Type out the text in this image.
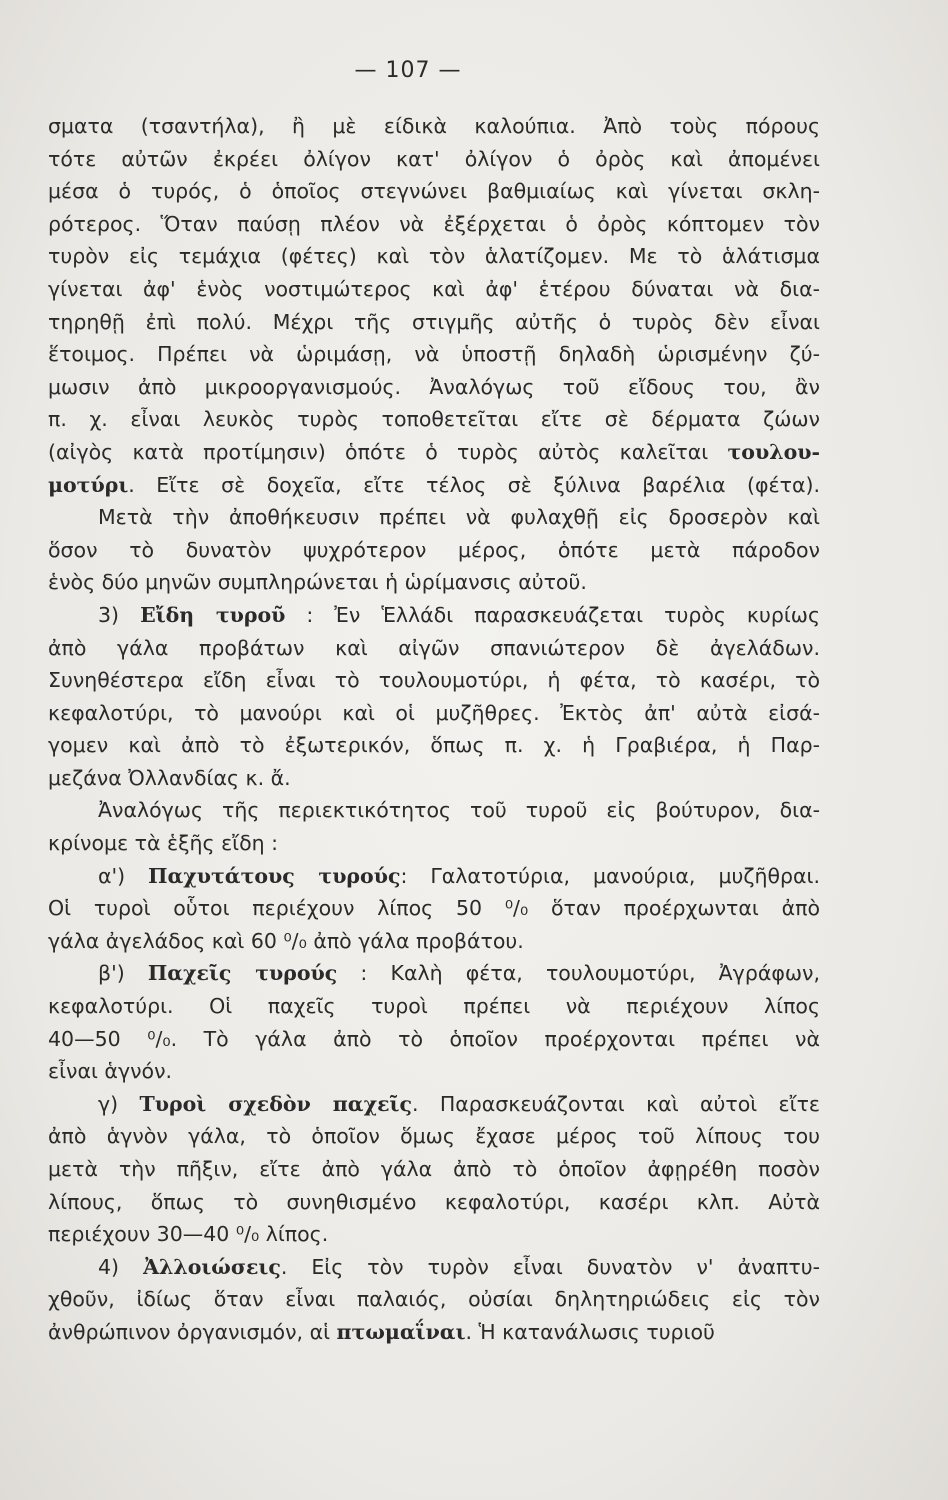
— 107 —
σματα (τσαντήλα), ἢ μὲ είδικὰ καλούπια. Ἀπὸ τοὺς πόρους
τότε αὐτῶν ἐκρέει ὀλίγον κατ' ὀλίγον ὁ ὀρὸς καὶ ἀπομένει
μέσα ὁ τυρός, ὁ ὁποῖος στεγνώνει βαθμιαίως καὶ γίνεται σκλη-
ρότερος. Ὅταν παύσῃ πλέον νὰ ἐξέρχεται ὁ ὀρὸς κόπτομεν τὸν
τυρὸν εἰς τεμάχια (φέτες) καὶ τὸν ἁλατίζομεν. Με τὸ ἁλάτισμα
γίνεται ἀφ' ἑνὸς νοστιμώτερος καὶ ἀφ' ἑτέρου δύναται νὰ δια-
τηρηθῇ ἐπὶ πολύ. Μέχρι τῆς στιγμῆς αὐτῆς ὁ τυρὸς δὲν εἶναι
ἕτοιμος. Πρέπει νὰ ὡριμάσῃ, νὰ ὑποστῇ δηλαδὴ ὡρισμένην ζύ-
μωσιν ἀπὸ μικροοργανισμούς. Ἀναλόγως τοῦ εἴδους του, ἂν
π. χ. εἶναι λευκὸς τυρὸς τοποθετεῖται εἴτε σὲ δέρματα ζώων
(αἰγὸς κατὰ προτίμησιν) ὁπότε ὁ τυρὸς αὐτὸς καλεῖται τουλου-
μοτύρι. Εἴτε σὲ δοχεῖα, εἴτε τέλος σὲ ξύλινα βαρέλια (φέτα).
Μετὰ τὴν ἀποθήκευσιν πρέπει νὰ φυλαχθῇ εἰς δροσερὸν καὶ
ὅσον τὸ δυνατὸν ψυχρότερον μέρος, ὁπότε μετὰ πάροδον
ἑνὸς δύο μηνῶν συμπληρώνεται ἡ ὡρίμανσις αὐτοῦ.
3) Εἴδη τυροῦ : Ἐν Ἑλλάδι παρασκευάζεται τυρὸς κυρίως
ἀπὸ γάλα προβάτων καὶ αἰγῶν σπανιώτερον δὲ ἀγελάδων.
Συνηθέστερα εἴδη εἶναι τὸ τουλουμοτύρι, ἡ φέτα, τὸ κασέρι, τὸ
κεφαλοτύρι, τὸ μανούρι καὶ οἱ μυζῆθρες. Ἐκτὸς ἀπ' αὐτὰ εἰσά-
γομεν καὶ ἀπὸ τὸ ἐξωτερικόν, ὅπως π. χ. ἡ Γραβιέρα, ἡ Παρ-
μεζάνα Ὀλλανδίας κ. ἄ.
Ἀναλόγως τῆς περιεκτικότητος τοῦ τυροῦ εἰς βούτυρον, δια-
κρίνομε τὰ ἑξῆς εἴδη :
α') Παχυτάτους τυρούς: Γαλατοτύρια, μανούρια, μυζῆθραι.
Οἱ τυροὶ οὗτοι περιέχουν λίπος 50 ⁰/₀ ὅταν προέρχωνται ἀπὸ
γάλα ἀγελάδος καὶ 60 ⁰/₀ ἀπὸ γάλα προβάτου.
β') Παχεῖς τυρούς : Καλὴ φέτα, τουλουμοτύρι, Ἀγράφων,
κεφαλοτύρι. Οἱ παχεῖς τυροὶ πρέπει νὰ περιέχουν λίπος
40—50 ⁰/₀. Τὸ γάλα ἀπὸ τὸ ὁποῖον προέρχονται πρέπει νὰ
εἶναι ἁγνόν.
γ) Τυροὶ σχεδὸν παχεῖς. Παρασκευάζονται καὶ αὐτοὶ εἴτε
ἀπὸ ἁγνὸν γάλα, τὸ ὁποῖον ὅμως ἔχασε μέρος τοῦ λίπους του
μετὰ τὴν πῆξιν, εἴτε ἀπὸ γάλα ἀπὸ τὸ ὁποῖον ἀφῃρέθη ποσὸν
λίπους, ὅπως τὸ συνηθισμένο κεφαλοτύρι, κασέρι κλπ. Αὐτὰ
περιέχουν 30—40 ⁰/₀ λίπος.
4) Ἀλλοιώσεις. Εἰς τὸν τυρὸν εἶναι δυνατὸν ν' ἀναπτυ-
χθοῦν, ἰδίως ὅταν εἶναι παλαιός, οὐσίαι δηλητηριώδεις εἰς τὸν
ἀνθρώπινον ὀργανισμόν, αἱ πτωμαΐναι. Ἡ κατανάλωσις τυριοῦ
